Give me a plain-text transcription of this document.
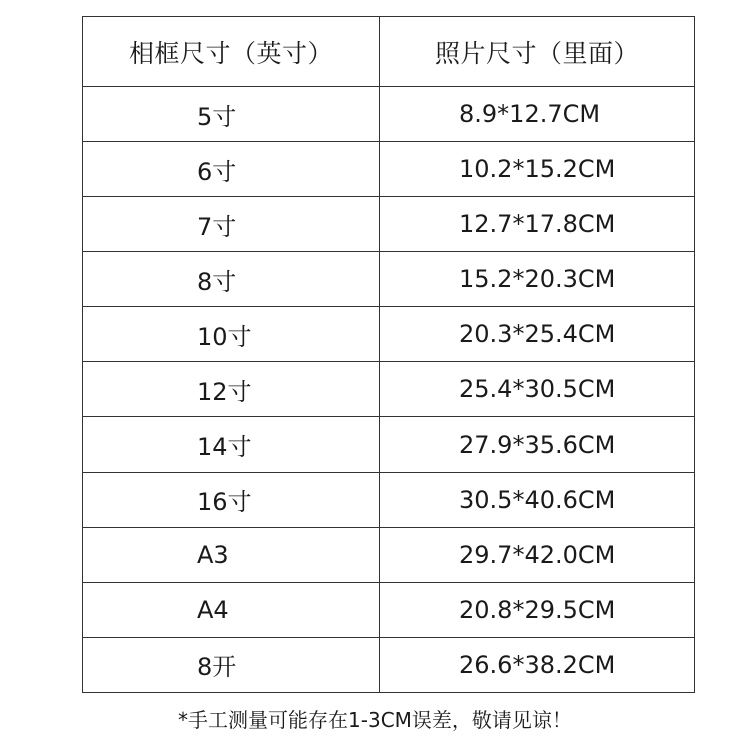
相框尺寸（英寸）	照片尺寸（里面）
5寸	8.9*12.7CM
6寸	10.2*15.2CM
7寸	12.7*17.8CM
8寸	15.2*20.3CM
10寸	20.3*25.4CM
12寸	25.4*30.5CM
14寸	27.9*35.6CM
16寸	30.5*40.6CM
A3	29.7*42.0CM
A4	20.8*29.5CM
8开	26.6*38.2CM
*手工测量可能存在1-3CM误差，敬请见谅！
